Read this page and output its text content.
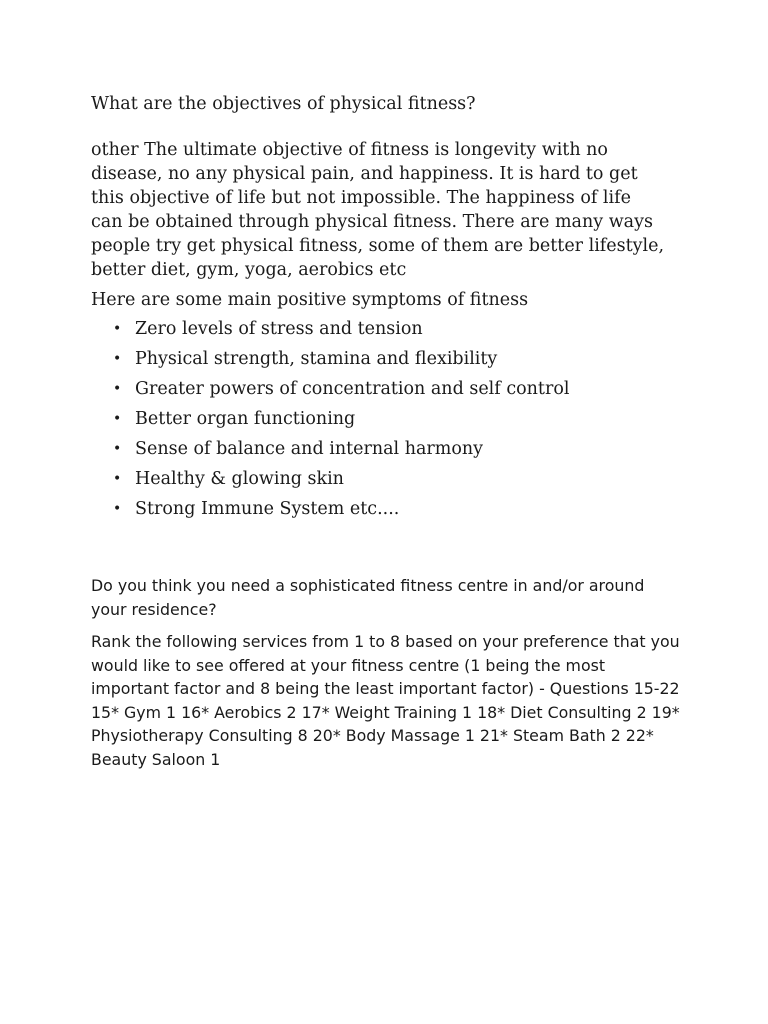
What are the objectives of physical fitness?

other The ultimate objective of fitness is longevity with no disease, no any physical pain, and happiness. It is hard to get this objective of life but not impossible. The happiness of life can be obtained through physical fitness. There are many ways people try get physical fitness, some of them are better lifestyle, better diet, gym, yoga, aerobics etc

Here are some main positive symptoms of fitness

• Zero levels of stress and tension
• Physical strength, stamina and flexibility
• Greater powers of concentration and self control
• Better organ functioning
• Sense of balance and internal harmony
• Healthy & glowing skin
• Strong Immune System etc....

Do you think you need a sophisticated fitness centre in and/or around your residence?

Rank the following services from 1 to 8 based on your preference that you would like to see offered at your fitness centre (1 being the most important factor and 8 being the least important factor) - Questions 15-22 15* Gym 1 16* Aerobics 2 17* Weight Training 1 18* Diet Consulting 2 19* Physiotherapy Consulting 8 20* Body Massage 1 21* Steam Bath 2 22* Beauty Saloon 1
